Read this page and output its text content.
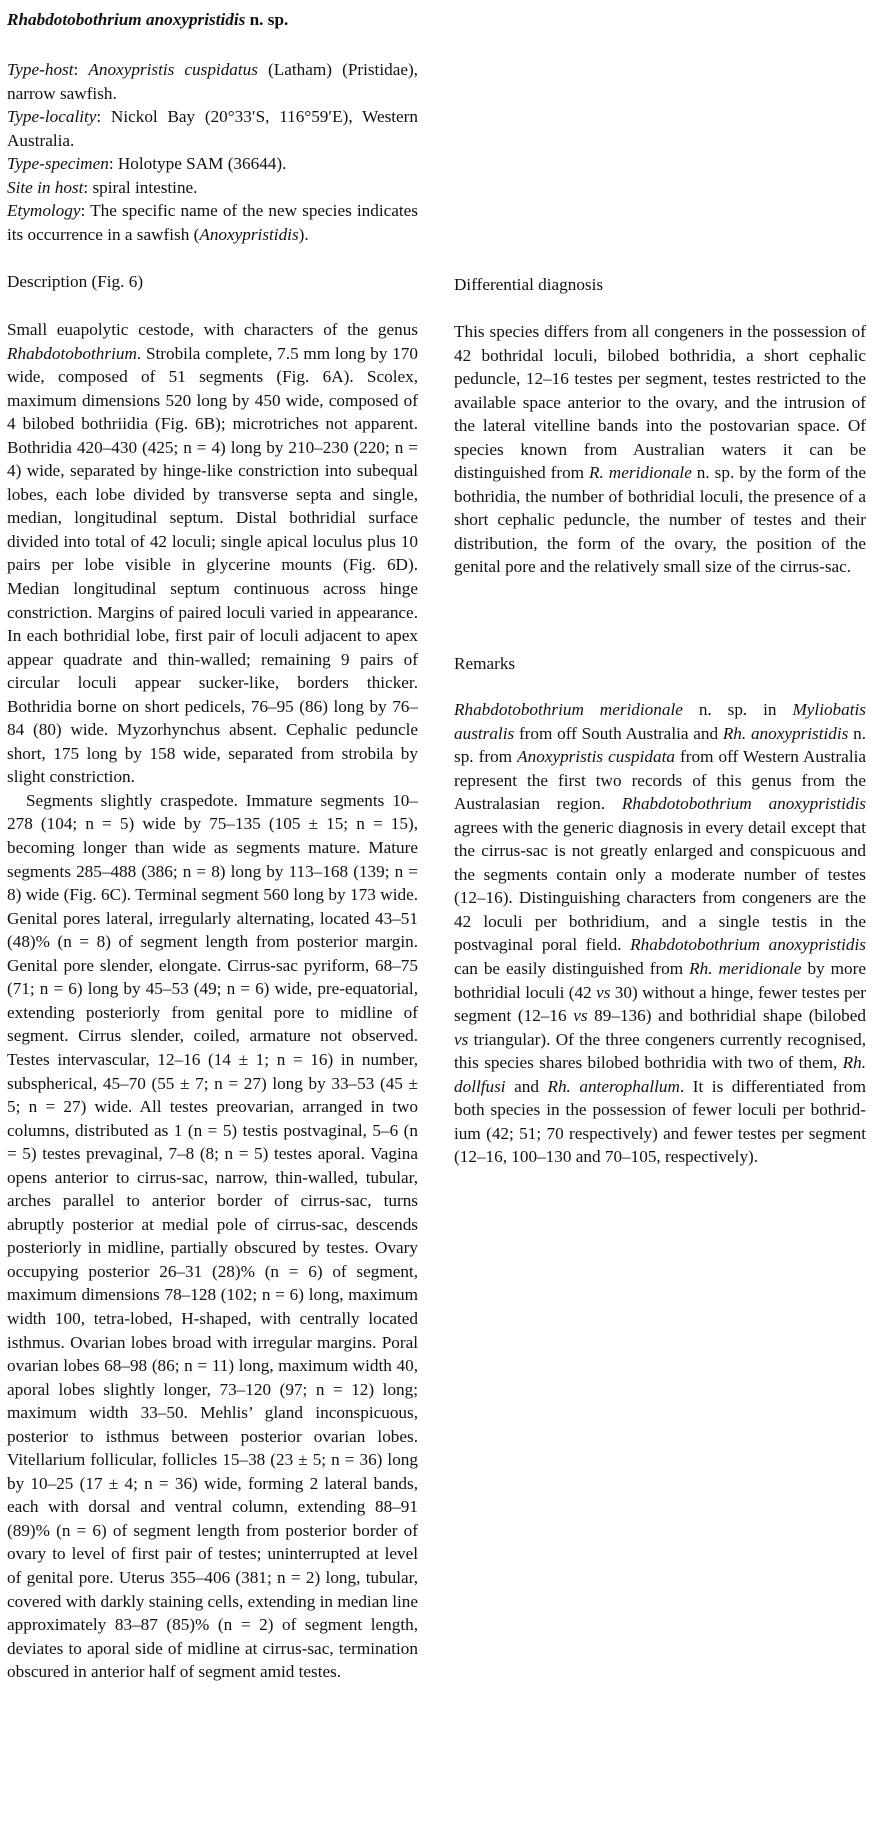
Rhabdotobothrium anoxypristidis n. sp.

Type-host: Anoxypristis cuspidatus (Latham) (Pristidae), narrow sawfish.

Type-locality: Nickol Bay (20°33′S, 116°59′E), Western Australia.

Type-specimen: Holotype SAM (36644).

Site in host: spiral intestine.

Etymology: The specific name of the new species indicates its occurrence in a sawfish (Anoxypristidis).

Description (Fig. 6)

Small euapolytic cestode, with characters of the genus Rhabdotobothrium. Strobila complete, 7.5 mm long by 170 wide, composed of 51 segments (Fig. 6A). Scolex, maximum dimensions 520 long by 450 wide, composed of 4 bilobed bothriidia (Fig. 6B); microtriches not apparent. Bothridia 420–430 (425; n = 4) long by 210–230 (220; n = 4) wide, separated by hinge-like constriction into subequal lobes, each lobe divided by transverse septa and single, median, longitudinal septum. Distal bothridial surface divided into total of 42 loculi; single apical loculus plus 10 pairs per lobe visible in glycerine mounts (Fig. 6D). Median longitudinal septum continuous across hinge constriction. Margins of paired loculi varied in appearance. In each bothridial lobe, first pair of loculi adjacent to apex appear quadrate and thin-walled; remaining 9 pairs of circular loculi appear sucker-like, borders thicker. Bothridia borne on short pedicels, 76–95 (86) long by 76–84 (80) wide. Myzorhynchus absent. Cephalic peduncle short, 175 long by 158 wide, separated from strobila by slight constriction.

Segments slightly craspedote. Immature segments 10–278 (104; n = 5) wide by 75–135 (105 ± 15; n = 15), becoming longer than wide as segments mature. Mature segments 285–488 (386; n = 8) long by 113–168 (139; n = 8) wide (Fig. 6C). Terminal segment 560 long by 173 wide. Genital pores lateral, irregularly alternating, located 43–51 (48)% (n = 8) of segment length from posterior margin. Genital pore slender, elongate. Cirrus-sac pyriform, 68–75 (71; n = 6) long by 45–53 (49; n = 6) wide, pre-equatorial, extending posteriorly from genital pore to midline of segment. Cirrus slender, coiled, armature not observed. Testes intervascular, 12–16 (14 ± 1; n = 16) in number, subspherical, 45–70 (55 ± 7; n = 27) long by 33–53 (45 ± 5; n = 27) wide. All testes preovarian, arranged in two columns, distributed as 1 (n = 5) testis postvaginal, 5–6 (n = 5) testes prevaginal, 7–8 (8; n = 5) testes aporal. Vagina opens anterior to cirrus-sac, narrow, thin-walled, tubular, arches parallel to anterior border of cirrus-sac, turns abruptly posterior at medial pole of cirrus-sac, descends posteriorly in midline, partially obscured by testes. Ovary occupying posterior 26–31 (28)% (n = 6) of segment, maximum dimensions 78–128 (102; n = 6) long, maximum width 100, tetra-lobed, H-shaped, with centrally located isthmus. Ovarian lobes broad with irregular margins. Poral ovarian lobes 68–98 (86; n = 11) long, maximum width 40, aporal lobes slightly longer, 73–120 (97; n = 12) long; maximum width 33–50. Mehlis’ gland inconspicuous, posterior to isthmus between posterior ovarian lobes. Vitellarium follicular, follicles 15–38 (23 ± 5; n = 36) long by 10–25 (17 ± 4; n = 36) wide, forming 2 lateral bands, each with dorsal and ventral column, extending 88–91 (89)% (n = 6) of segment length from posterior border of ovary to level of first pair of testes; uninterrupted at level of genital pore. Uterus 355–406 (381; n = 2) long, tubular, covered with darkly staining cells, extending in median line approximately 83–87 (85)% (n = 2) of segment length, deviates to aporal side of midline at cirrus-sac, termination obscured in anterior half of segment amid testes.

Differential diagnosis

This species differs from all congeners in the possession of 42 bothridal loculi, bilobed bothridia, a short cephalic peduncle, 12–16 testes per segment, testes restricted to the available space anterior to the ovary, and the intrusion of the lateral vitelline bands into the postovarian space. Of species known from Australian waters it can be distinguished from R. meridionale n. sp. by the form of the bothridia, the number of bothridial loculi, the presence of a short cephalic peduncle, the number of testes and their distribution, the form of the ovary, the position of the genital pore and the relatively small size of the cirrus-sac.

Remarks

Rhabdotobothrium meridionale n. sp. in Myliobatis australis from off South Australia and Rh. anoxypristidis n. sp. from Anoxypristis cuspidata from off Western Australia represent the first two records of this genus from the Australasian region. Rhabdotobothrium anoxypristidis agrees with the generic diagnosis in every detail except that the cirrus-sac is not greatly enlarged and conspicuous and the segments contain only a moderate number of testes (12–16). Distinguishing characters from congeners are the 42 loculi per bothridium, and a single testis in the postvaginal poral field. Rhabdotobothrium anoxypristidis can be easily distinguished from Rh. meridionale by more bothridial loculi (42 vs 30) without a hinge, fewer testes per segment (12–16 vs 89–136) and bothridial shape (bilobed vs triangular). Of the three congeners currently recognised, this species shares bilobed bothridia with two of them, Rh. dollfusi and Rh. anterophallum. It is differentiated from both species in the possession of fewer loculi per bothridium (42; 51; 70 respectively) and fewer testes per segment (12–16, 100–130 and 70–105, respectively).
